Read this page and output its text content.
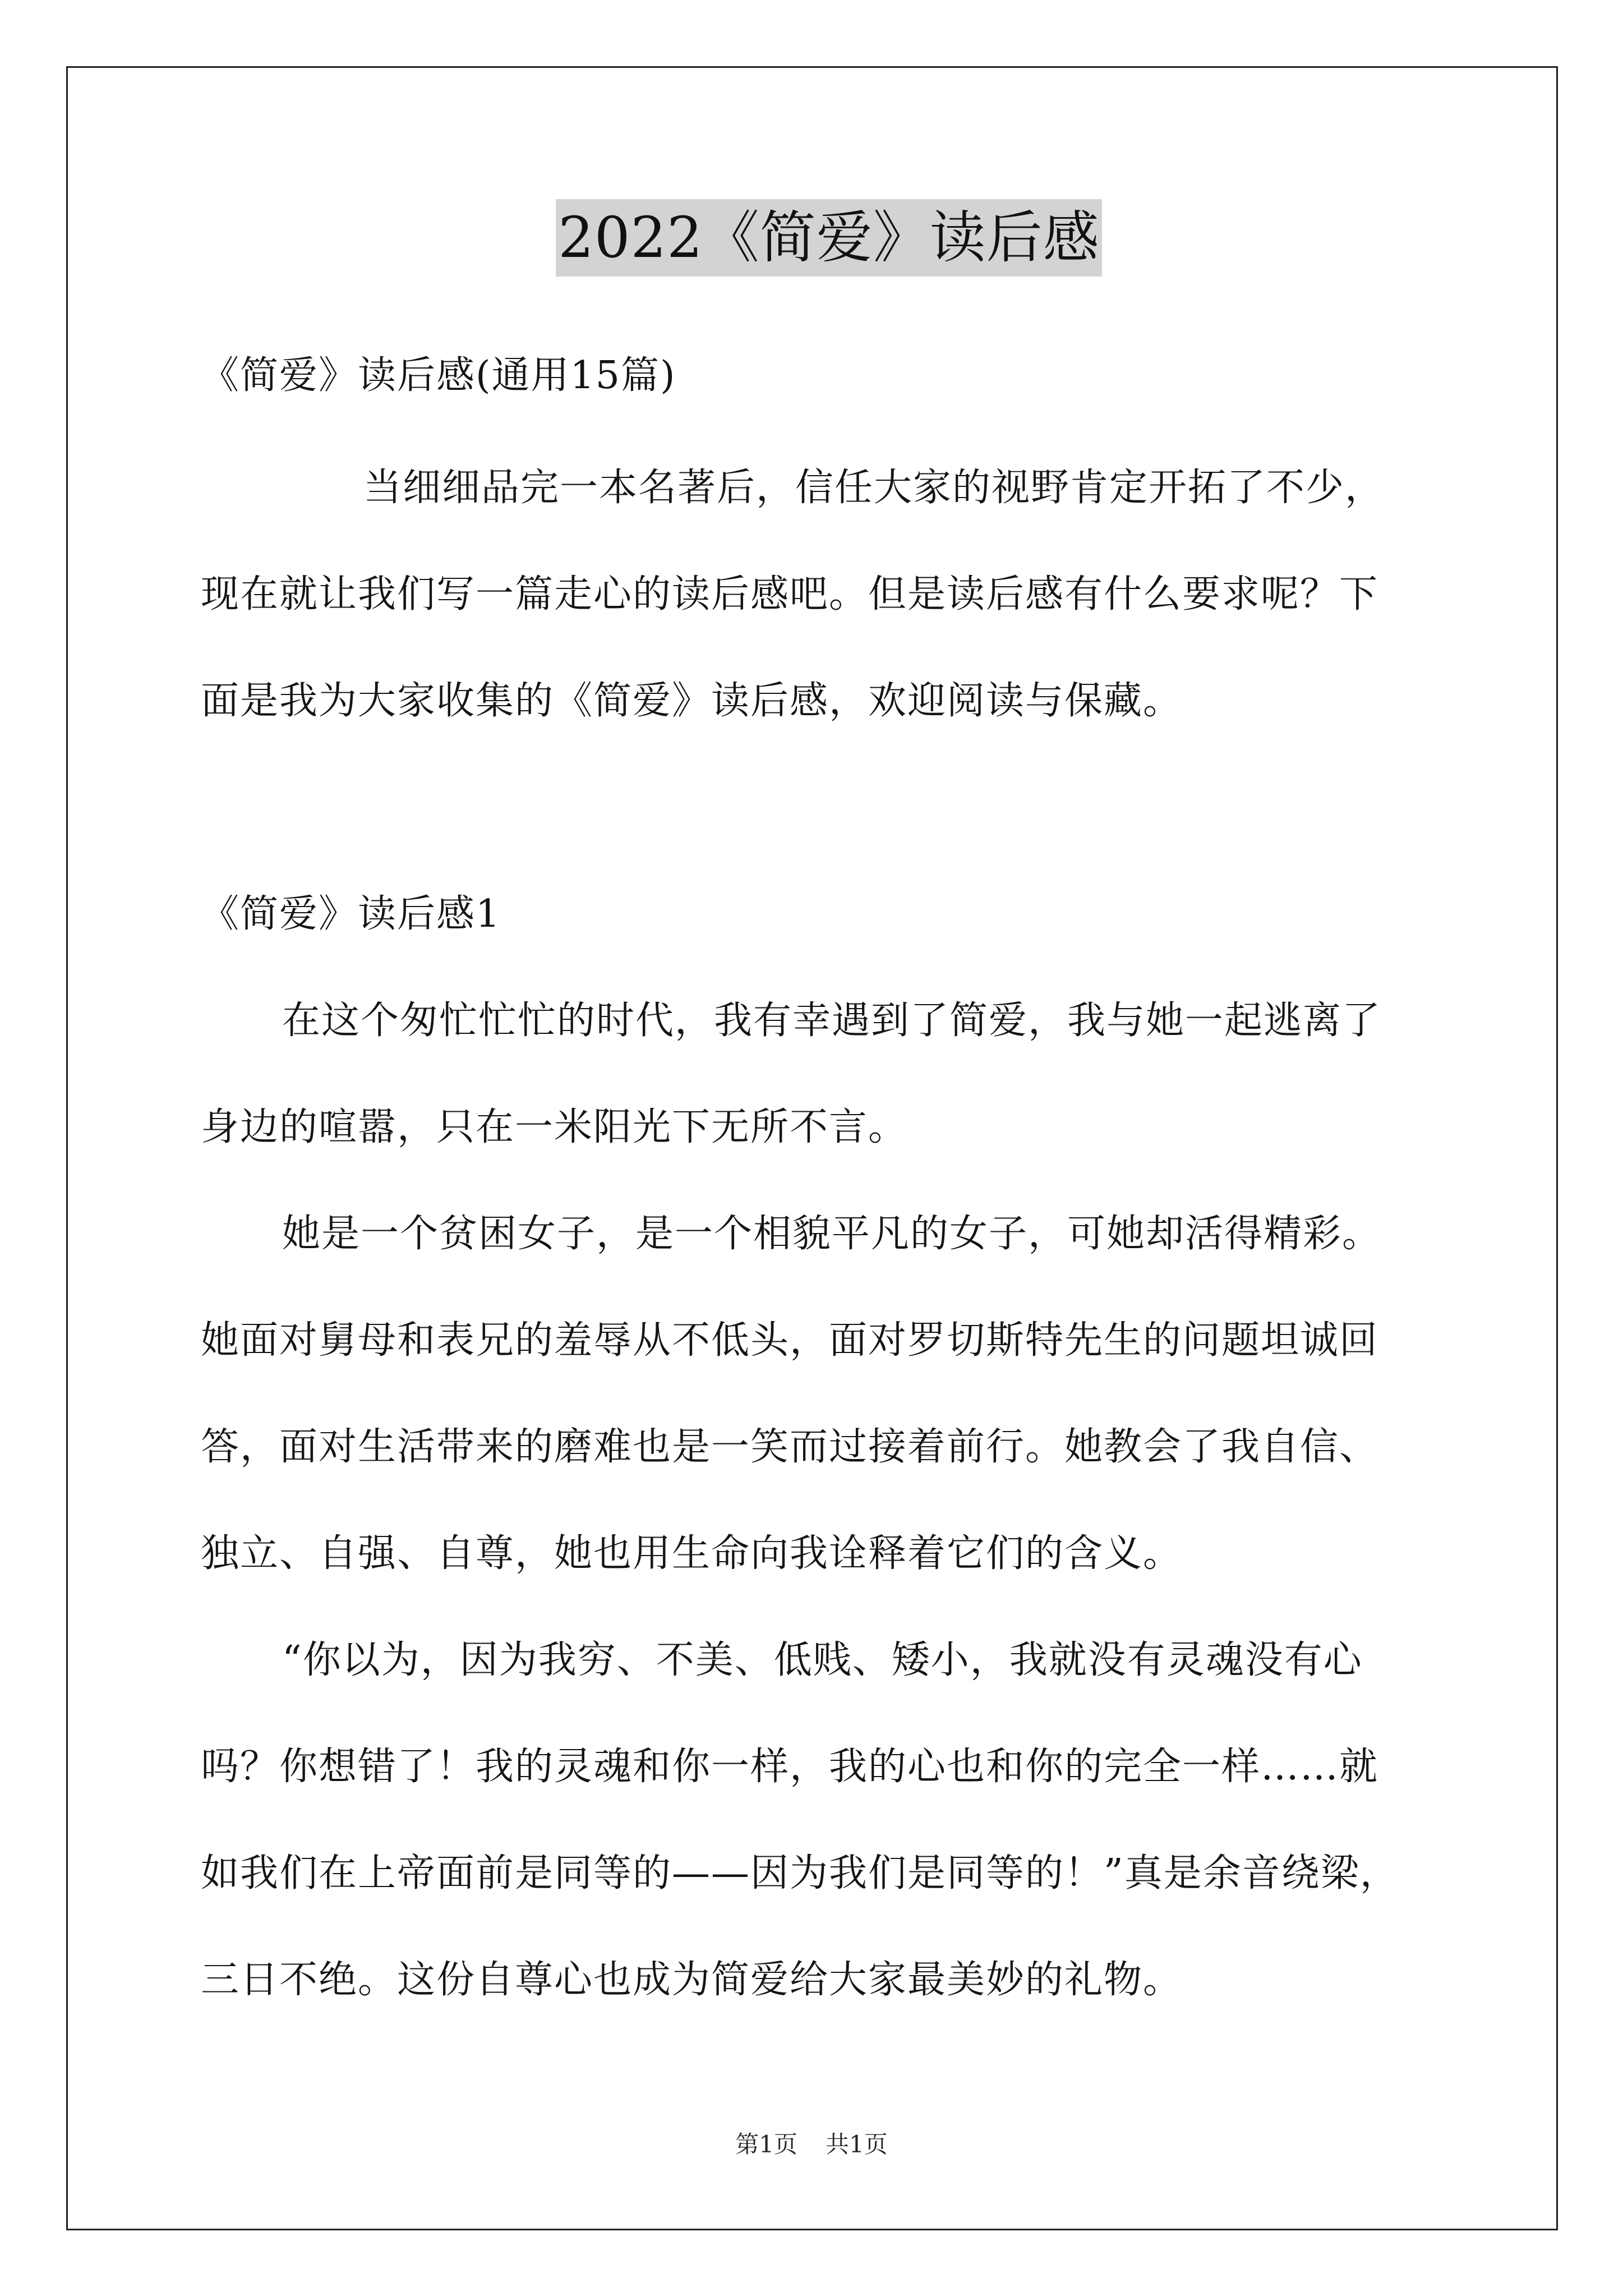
2022《简爱》读后感
《简爱》读后感(通用15篇)
当细细品完一本名著后，信任大家的视野肯定开拓了不少，
现在就让我们写一篇走心的读后感吧。但是读后感有什么要求呢？下
面是我为大家收集的《简爱》读后感，欢迎阅读与保藏。
《简爱》读后感1
在这个匆忙忙忙的时代，我有幸遇到了简爱，我与她一起逃离了
身边的喧嚣，只在一米阳光下无所不言。
她是一个贫困女子，是一个相貌平凡的女子，可她却活得精彩。
她面对舅母和表兄的羞辱从不低头，面对罗切斯特先生的问题坦诚回
答，面对生活带来的磨难也是一笑而过接着前行。她教会了我自信、
独立、自强、自尊，她也用生命向我诠释着它们的含义。
“你以为，因为我穷、不美、低贱、矮小，我就没有灵魂没有心
吗？你想错了！我的灵魂和你一样，我的心也和你的完全一样……就
如我们在上帝面前是同等的——因为我们是同等的！”真是余音绕梁，
三日不绝。这份自尊心也成为简爱给大家最美妙的礼物。
第1页 共1页
